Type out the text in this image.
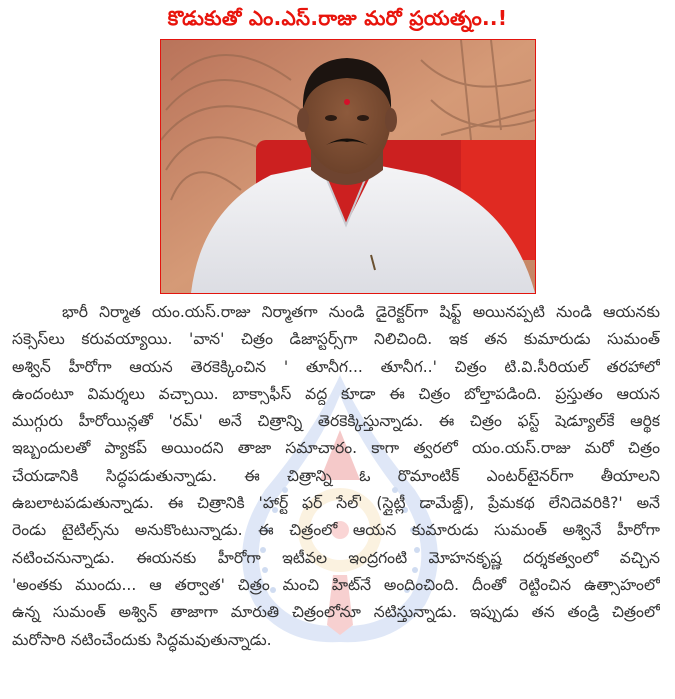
కొడుకుతో ఎం.ఎస్.రాజు మరో ప్రయత్నం..!
భారీ నిర్మాత యం.యస్.రాజు నిర్మాతగా నుండి డైరెక్టర్‌గా షిఫ్ట్ అయినప్పటి నుండి ఆయనకు
సక్సెస్‌లు కరువయ్యాయి. 'వాన' చిత్రం డిజాస్టర్స్‌గా నిలిచింది. ఇక తన కుమారుడు సుమంత్
అశ్విన్ హీరోగా ఆయన తెరకెక్కించిన ' తూనీగ... తూనీగ..' చిత్రం టి.వి.సీరియల్ తరహాలో
ఉందంటూ విమర్శలు వచ్చాయి. బాక్సాఫీస్ వద్ద కూడా ఈ చిత్రం బోల్తాపడింది. ప్రస్తుతం ఆయన
ముగ్గురు హీరోయిన్లతో 'రమ్' అనే చిత్రాన్ని తెరకెక్కిస్తున్నాడు. ఈ చిత్రం ఫస్ట్ షెడ్యూల్‌కే ఆర్థిక
ఇబ్బందులతో ప్యాకప్ అయిందని తాజా సమాచారం. కాగా త్వరలో యం.యస్.రాజు మరో చిత్రం
చేయడానికి సిద్ధపడుతున్నాడు. ఈ చిత్రాన్ని ఓ రొమాంటిక్ ఎంటర్‌టైనర్‌గా తీయాలని
ఉబలాటపడుతున్నాడు. ఈ చిత్రానికి 'హార్ట్ ఫర్ సేల్' (స్లైట్లీ డామేజ్డ్), ప్రేమకథ లేనిదెవరికి?' అనే
రెండు టైటిల్స్‌ను అనుకొంటున్నాడు. ఈ చిత్రంలో ఆయన కుమారుడు సుమంత్ అశ్వినే హీరోగా
నటించనున్నాడు. ఈయనకు హీరోగా ఇటీవల ఇంద్రగంటి మోహనకృష్ణ దర్శకత్వంలో వచ్చిన
'అంతకు ముందు... ఆ తర్వాత' చిత్రం మంచి హిట్‌నే అందించింది. దీంతో రెట్టించిన ఉత్సాహంలో
ఉన్న సుమంత్ అశ్విన్ తాజాగా మారుతి చిత్రంలోనూ నటిస్తున్నాడు. ఇప్పుడు తన తండ్రి చిత్రంలో
మరోసారి నటించేందుకు సిద్ధమవుతున్నాడు.
